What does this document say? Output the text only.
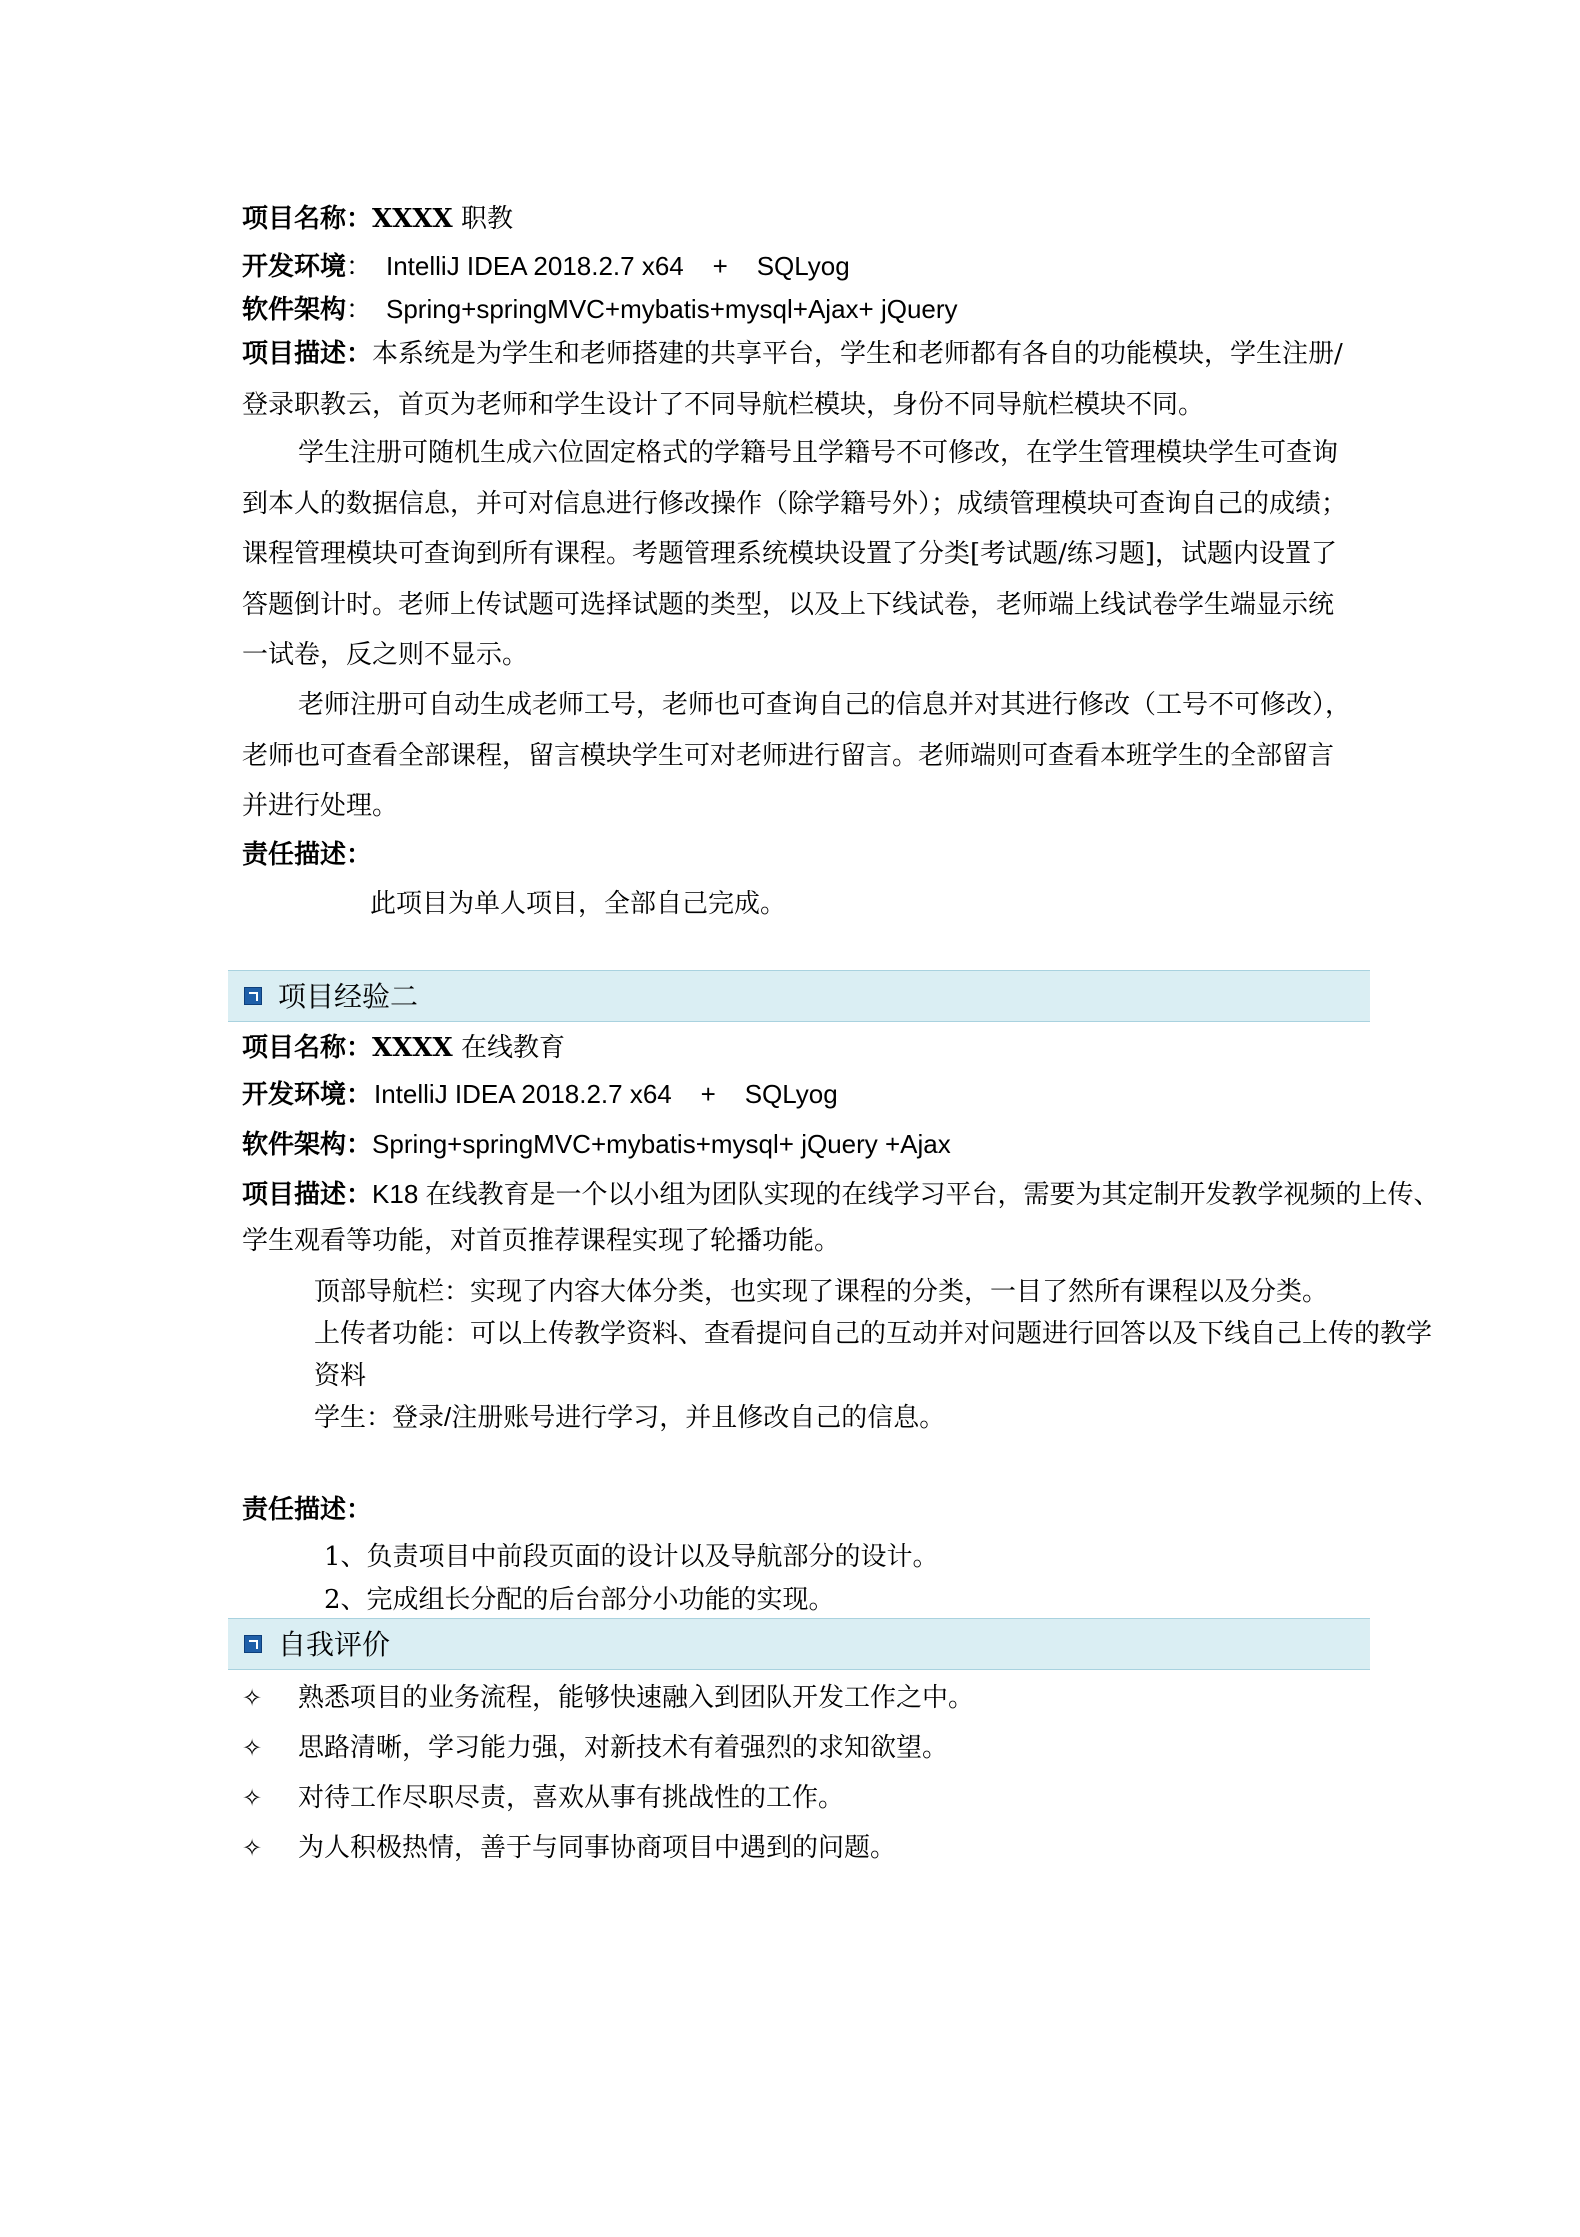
项目名称：XXXX 职教
开发环境： IntelliJ IDEA 2018.2.7 x64    +    SQLyog
软件架构： Spring+springMVC+mybatis+mysql+Ajax+ jQuery
项目描述：本系统是为学生和老师搭建的共享平台，学生和老师都有各自的功能模块，学生注册/登录职教云，首页为老师和学生设计了不同导航栏模块，身份不同导航栏模块不同。
学生注册可随机生成六位固定格式的学籍号且学籍号不可修改，在学生管理模块学生可查询到本人的数据信息，并可对信息进行修改操作（除学籍号外）；成绩管理模块可查询自己的成绩；课程管理模块可查询到所有课程。考题管理系统模块设置了分类[考试题/练习题]，试题内设置了答题倒计时。老师上传试题可选择试题的类型，以及上下线试卷，老师端上线试卷学生端显示统一试卷，反之则不显示。
老师注册可自动生成老师工号，老师也可查询自己的信息并对其进行修改（工号不可修改），老师也可查看全部课程，留言模块学生可对老师进行留言。老师端则可查看本班学生的全部留言并进行处理。
责任描述：
此项目为单人项目，全部自己完成。
项目经验二
项目名称：XXXX 在线教育
开发环境： IntelliJ IDEA 2018.2.7 x64    +    SQLyog
软件架构：Spring+springMVC+mybatis+mysql+ jQuery +Ajax
项目描述：K18 在线教育是一个以小组为团队实现的在线学习平台，需要为其定制开发教学视频的上传、
学生观看等功能，对首页推荐课程实现了轮播功能。
顶部导航栏：实现了内容大体分类，也实现了课程的分类，一目了然所有课程以及分类。
上传者功能：可以上传教学资料、查看提问自己的互动并对问题进行回答以及下线自己上传的教学
资料
学生：登录/注册账号进行学习，并且修改自己的信息。
责任描述：
1、负责项目中前段页面的设计以及导航部分的设计。
2、完成组长分配的后台部分小功能的实现。
自我评价
✧ 熟悉项目的业务流程，能够快速融入到团队开发工作之中。
✧ 思路清晰，学习能力强，对新技术有着强烈的求知欲望。
✧ 对待工作尽职尽责，喜欢从事有挑战性的工作。
✧ 为人积极热情，善于与同事协商项目中遇到的问题。
